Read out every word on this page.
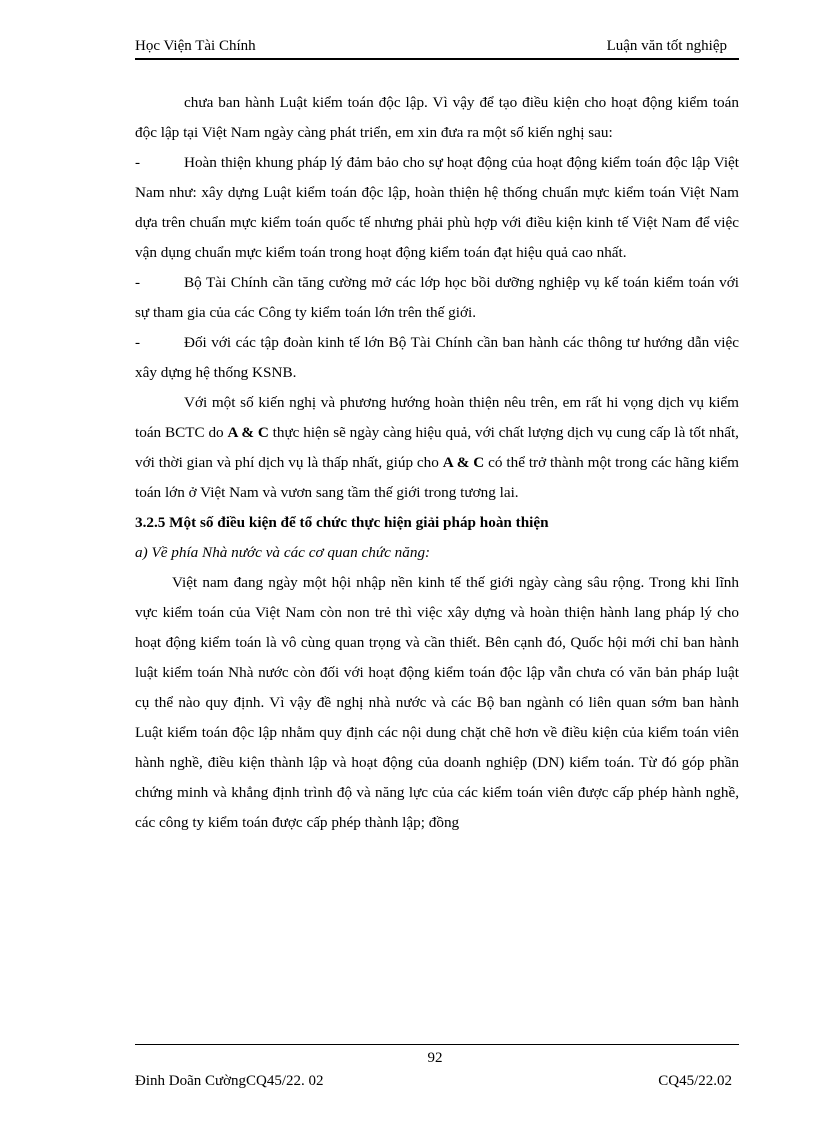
Học Viện Tài Chính	Luận văn tốt nghiệp

chưa ban hành Luật kiểm toán độc lập. Vì vậy để tạo điều kiện cho hoạt động kiểm toán độc lập tại Việt Nam ngày càng phát triển, em xin đưa ra một số kiến nghị sau:

-	Hoàn thiện khung pháp lý đảm bảo cho sự hoạt động của hoạt động kiểm toán độc lập Việt Nam như: xây dựng Luật kiểm toán độc lập, hoàn thiện hệ thống chuẩn mực kiểm toán Việt Nam dựa trên chuẩn mực kiểm toán quốc tế nhưng phải phù hợp với điều kiện kinh tế Việt Nam để việc vận dụng chuẩn mực kiểm toán trong hoạt động kiểm toán đạt hiệu quả cao nhất.

-	Bộ Tài Chính cần tăng cường mở các lớp học bồi dưỡng nghiệp vụ kế toán kiểm toán với sự tham gia của các Công ty kiểm toán lớn trên thế giới.

-	Đối với các tập đoàn kinh tế lớn Bộ Tài Chính cần ban hành các thông tư hướng dẫn việc xây dựng hệ thống KSNB.

Với một số kiến nghị và phương hướng hoàn thiện nêu trên, em rất hi vọng dịch vụ kiểm toán BCTC do A & C thực hiện sẽ ngày càng hiệu quả, với chất lượng dịch vụ cung cấp là tốt nhất, với thời gian và phí dịch vụ là thấp nhất, giúp cho A & C có thể trở thành một trong các hãng kiểm toán lớn ở Việt Nam và vươn sang tầm thế giới trong tương lai.

3.2.5 Một số điều kiện để tổ chức thực hiện giải pháp hoàn thiện

a) Về phía Nhà nước và các cơ quan chức năng:

Việt nam đang ngày một hội nhập nền kinh tế thế giới ngày càng sâu rộng. Trong khi lĩnh vực kiểm toán của Việt Nam còn non trẻ thì việc xây dựng và hoàn thiện hành lang pháp lý cho hoạt động kiểm toán là vô cùng quan trọng và cần thiết. Bên cạnh đó, Quốc hội mới chỉ ban hành luật kiểm toán Nhà nước còn đối với hoạt động kiểm toán độc lập vẫn chưa có văn bản pháp luật cụ thể nào quy định. Vì vậy đề nghị nhà nước và các Bộ ban ngành có liên quan sớm ban hành Luật kiểm toán độc lập nhằm quy định các nội dung chặt chẽ hơn về điều kiện của kiểm toán viên hành nghề, điều kiện thành lập và hoạt động của doanh nghiệp (DN) kiểm toán. Từ đó góp phần chứng minh và khẳng định trình độ và năng lực của các kiểm toán viên được cấp phép hành nghề, các công ty kiểm toán được cấp phép thành lập; đồng

92
Đinh Doãn CườngCQ45/22. 02	CQ45/22.02
